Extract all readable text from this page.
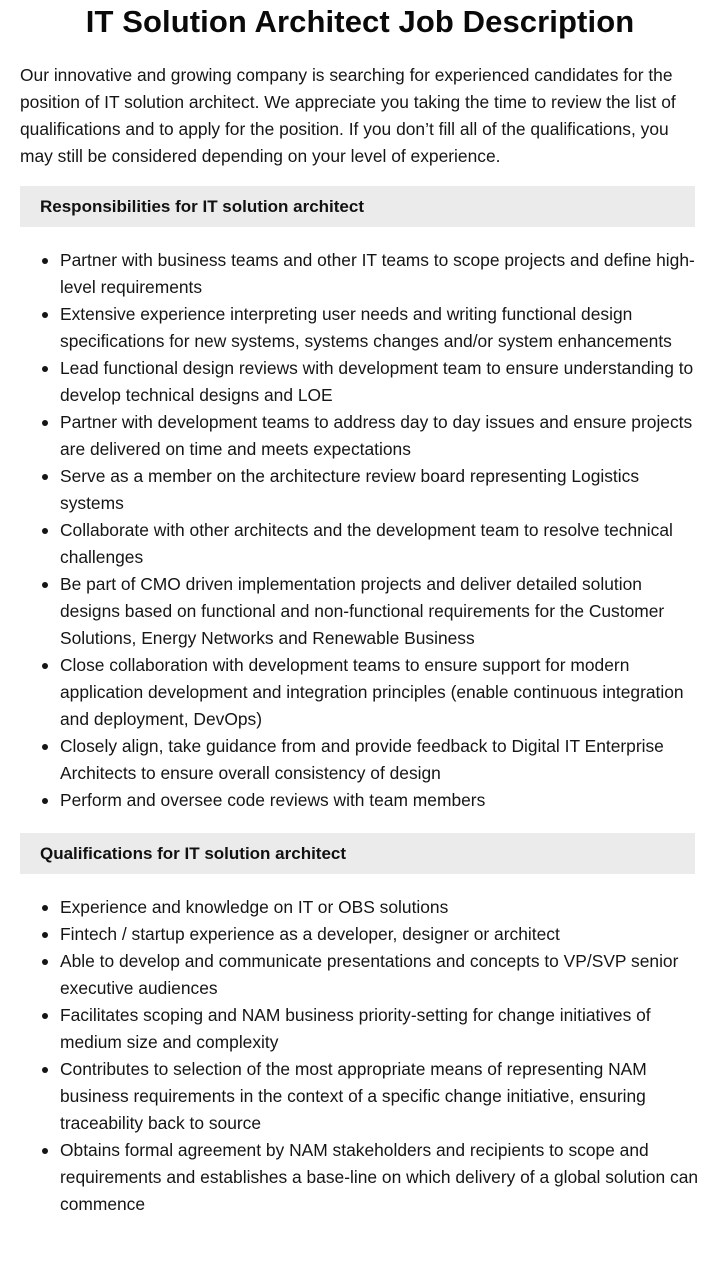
IT Solution Architect Job Description

Our innovative and growing company is searching for experienced candidates for the position of IT solution architect. We appreciate you taking the time to review the list of qualifications and to apply for the position. If you don’t fill all of the qualifications, you may still be considered depending on your level of experience.

Responsibilities for IT solution architect
Partner with business teams and other IT teams to scope projects and define high-level requirements
Extensive experience interpreting user needs and writing functional design specifications for new systems, systems changes and/or system enhancements
Lead functional design reviews with development team to ensure understanding to develop technical designs and LOE
Partner with development teams to address day to day issues and ensure projects are delivered on time and meets expectations
Serve as a member on the architecture review board representing Logistics systems
Collaborate with other architects and the development team to resolve technical challenges
Be part of CMO driven implementation projects and deliver detailed solution designs based on functional and non-functional requirements for the Customer Solutions, Energy Networks and Renewable Business
Close collaboration with development teams to ensure support for modern application development and integration principles (enable continuous integration and deployment, DevOps)
Closely align, take guidance from and provide feedback to Digital IT Enterprise Architects to ensure overall consistency of design
Perform and oversee code reviews with team members
Qualifications for IT solution architect
Experience and knowledge on IT or OBS solutions
Fintech / startup experience as a developer, designer or architect
Able to develop and communicate presentations and concepts to VP/SVP senior executive audiences
Facilitates scoping and NAM business priority-setting for change initiatives of medium size and complexity
Contributes to selection of the most appropriate means of representing NAM business requirements in the context of a specific change initiative, ensuring traceability back to source
Obtains formal agreement by NAM stakeholders and recipients to scope and requirements and establishes a base-line on which delivery of a global solution can commence
